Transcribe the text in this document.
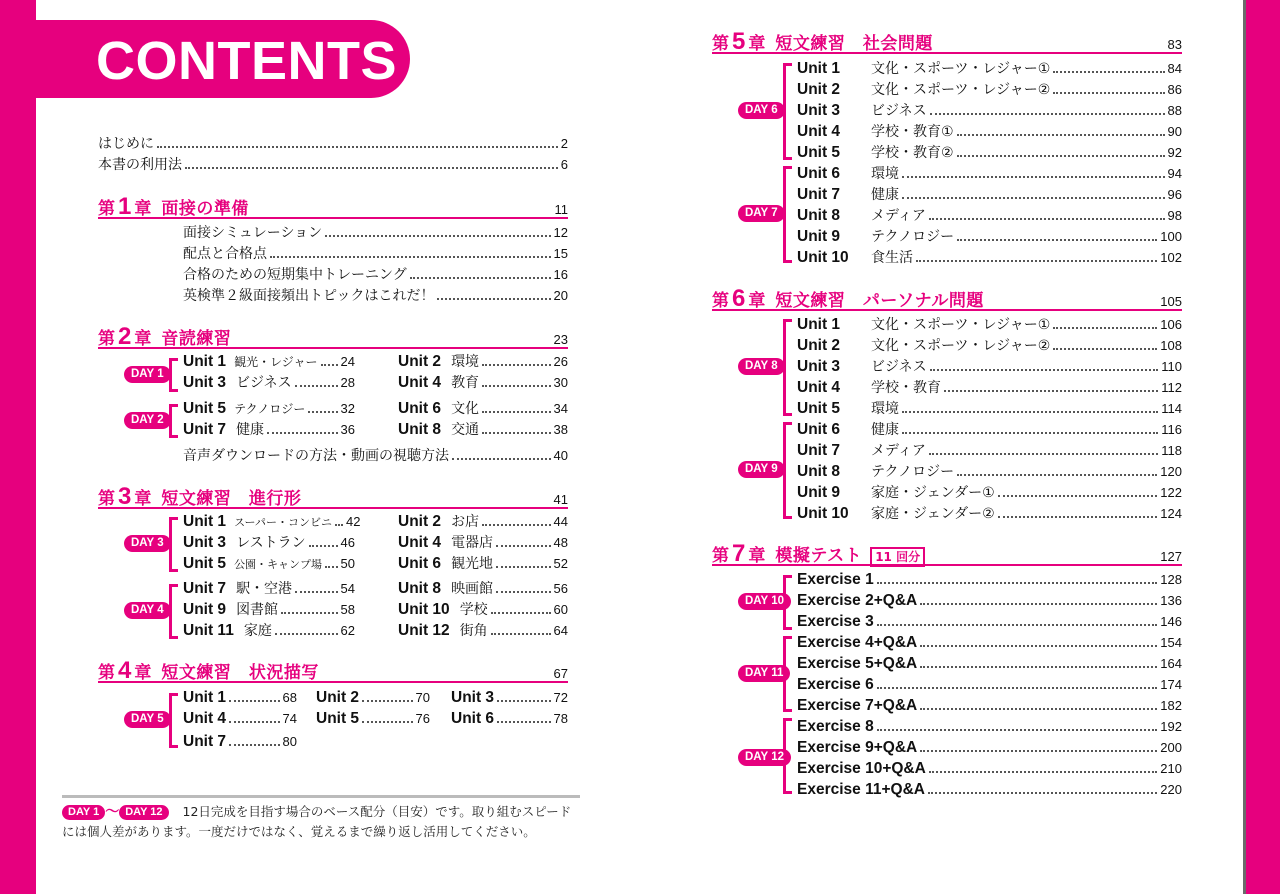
CONTENTS
はじめに	2
本書の利用法	6
第 1 章 面接の準備	11
面接シミュレーション	12
配点と合格点	15
合格のための短期集中トレーニング	16
英検準２級面接頻出トピックはこれだ！	20
第 2 章 音読練習	23
DAY 1
Unit 1 観光・レジャー 24	Unit 2 環境	26
Unit 3 ビジネス	28	Unit 4 教育	30
DAY 2
Unit 5 テクノロジー	32	Unit 6 文化	34
Unit 7 健康	36	Unit 8 交通	38
音声ダウンロードの方法・動画の視聴方法	40
第 3 章 短文練習　進行形	41
DAY 3
Unit 1 スーパー・コンビニ 42 Unit 2 お店	44
Unit 3 レストラン	46	Unit 4 電器店	48
Unit 5 公園・キャンプ場 50	Unit 6 観光地	52
DAY 4
Unit 7 駅・空港	54	Unit 8 映画館	56
Unit 9 図書館	58	Unit 10 学校	60
Unit 11 家庭	62	Unit 12 街角	64
第 4 章 短文練習　状況描写	67
DAY 5
Unit 1	68 Unit 2	70 Unit 3	72
Unit 4	74 Unit 5	76 Unit 6	78
Unit 7	80
DAY 1 〜 DAY 12 12日完成を目指す場合のベース配分（目安）です。取り組むスピードには個人差があります。一度だけではなく、覚えるまで繰り返し活用してください。
第 5 章 短文練習　社会問題	83
DAY 6
DAY 7
Unit 1	文化・スポーツ・レジャー①	84
Unit 2	文化・スポーツ・レジャー②	86
Unit 3	ビジネス	88
Unit 4	学校・教育①	90
Unit 5	学校・教育②	92
Unit 6	環境	94
Unit 7	健康	96
Unit 8	メディア	98
Unit 9	テクノロジー	100
Unit 10	食生活	102
第 6 章 短文練習　パーソナル問題	105
DAY 8
DAY 9
Unit 1	文化・スポーツ・レジャー①	106
Unit 2	文化・スポーツ・レジャー②	108
Unit 3	ビジネス	110
Unit 4	学校・教育	112
Unit 5	環境	114
Unit 6	健康	116
Unit 7	メディア	118
Unit 8	テクノロジー	120
Unit 9	家庭・ジェンダー①	122
Unit 10	家庭・ジェンダー②	124
第 7 章 模擬テスト	11 回分	127
DAY 10
DAY 11
DAY 12
Exercise 1	128
Exercise 2+Q&A	136
Exercise 3	146
Exercise 4+Q&A	154
Exercise 5+Q&A	164
Exercise 6	174
Exercise 7+Q&A	182
Exercise 8	192
Exercise 9+Q&A	200
Exercise 10+Q&A	210
Exercise 11+Q&A	220
